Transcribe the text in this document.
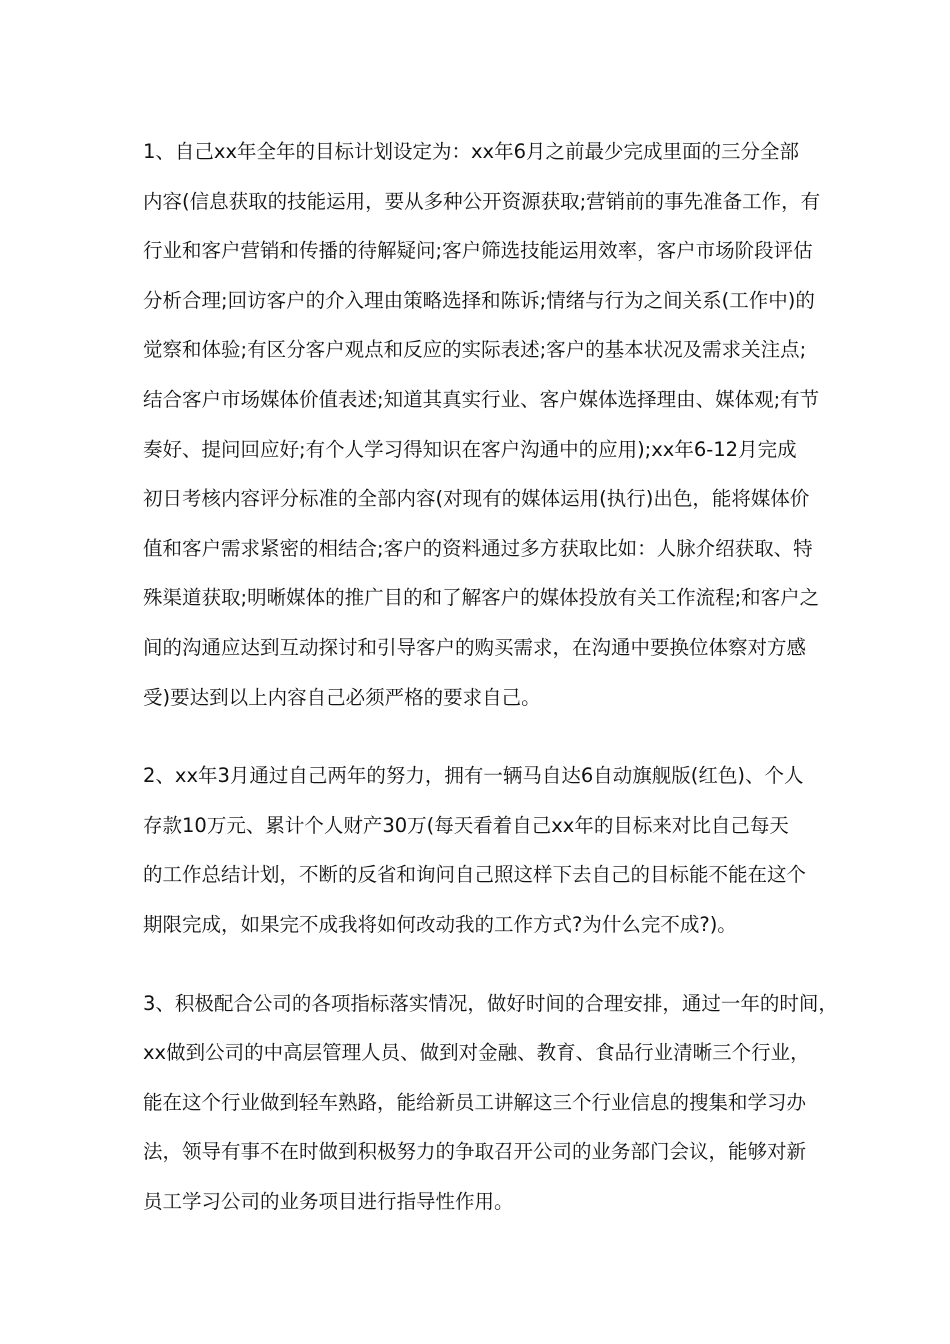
1、自己xx年全年的目标计划设定为：xx年6月之前最少完成里面的三分全部
内容(信息获取的技能运用，要从多种公开资源获取;营销前的事先准备工作，有
行业和客户营销和传播的待解疑问;客户筛选技能运用效率，客户市场阶段评估
分析合理;回访客户的介入理由策略选择和陈诉;情绪与行为之间关系(工作中)的
觉察和体验;有区分客户观点和反应的实际表述;客户的基本状况及需求关注点;
结合客户市场媒体价值表述;知道其真实行业、客户媒体选择理由、媒体观;有节
奏好、提问回应好;有个人学习得知识在客户沟通中的应用);xx年6-12月完成
初日考核内容评分标准的全部内容(对现有的媒体运用(执行)出色，能将媒体价
值和客户需求紧密的相结合;客户的资料通过多方获取比如：人脉介绍获取、特
殊渠道获取;明晰媒体的推广目的和了解客户的媒体投放有关工作流程;和客户之
间的沟通应达到互动探讨和引导客户的购买需求，在沟通中要换位体察对方感
受)要达到以上内容自己必须严格的要求自己。
2、xx年3月通过自己两年的努力，拥有一辆马自达6自动旗舰版(红色)、个人
存款10万元、累计个人财产30万(每天看着自己xx年的目标来对比自己每天
的工作总结计划，不断的反省和询问自己照这样下去自己的目标能不能在这个
期限完成，如果完不成我将如何改动我的工作方式?为什么完不成?)。
3、积极配合公司的各项指标落实情况，做好时间的合理安排，通过一年的时间，
xx做到公司的中高层管理人员、做到对金融、教育、食品行业清晰三个行业，
能在这个行业做到轻车熟路，能给新员工讲解这三个行业信息的搜集和学习办
法，领导有事不在时做到积极努力的争取召开公司的业务部门会议，能够对新
员工学习公司的业务项目进行指导性作用。
